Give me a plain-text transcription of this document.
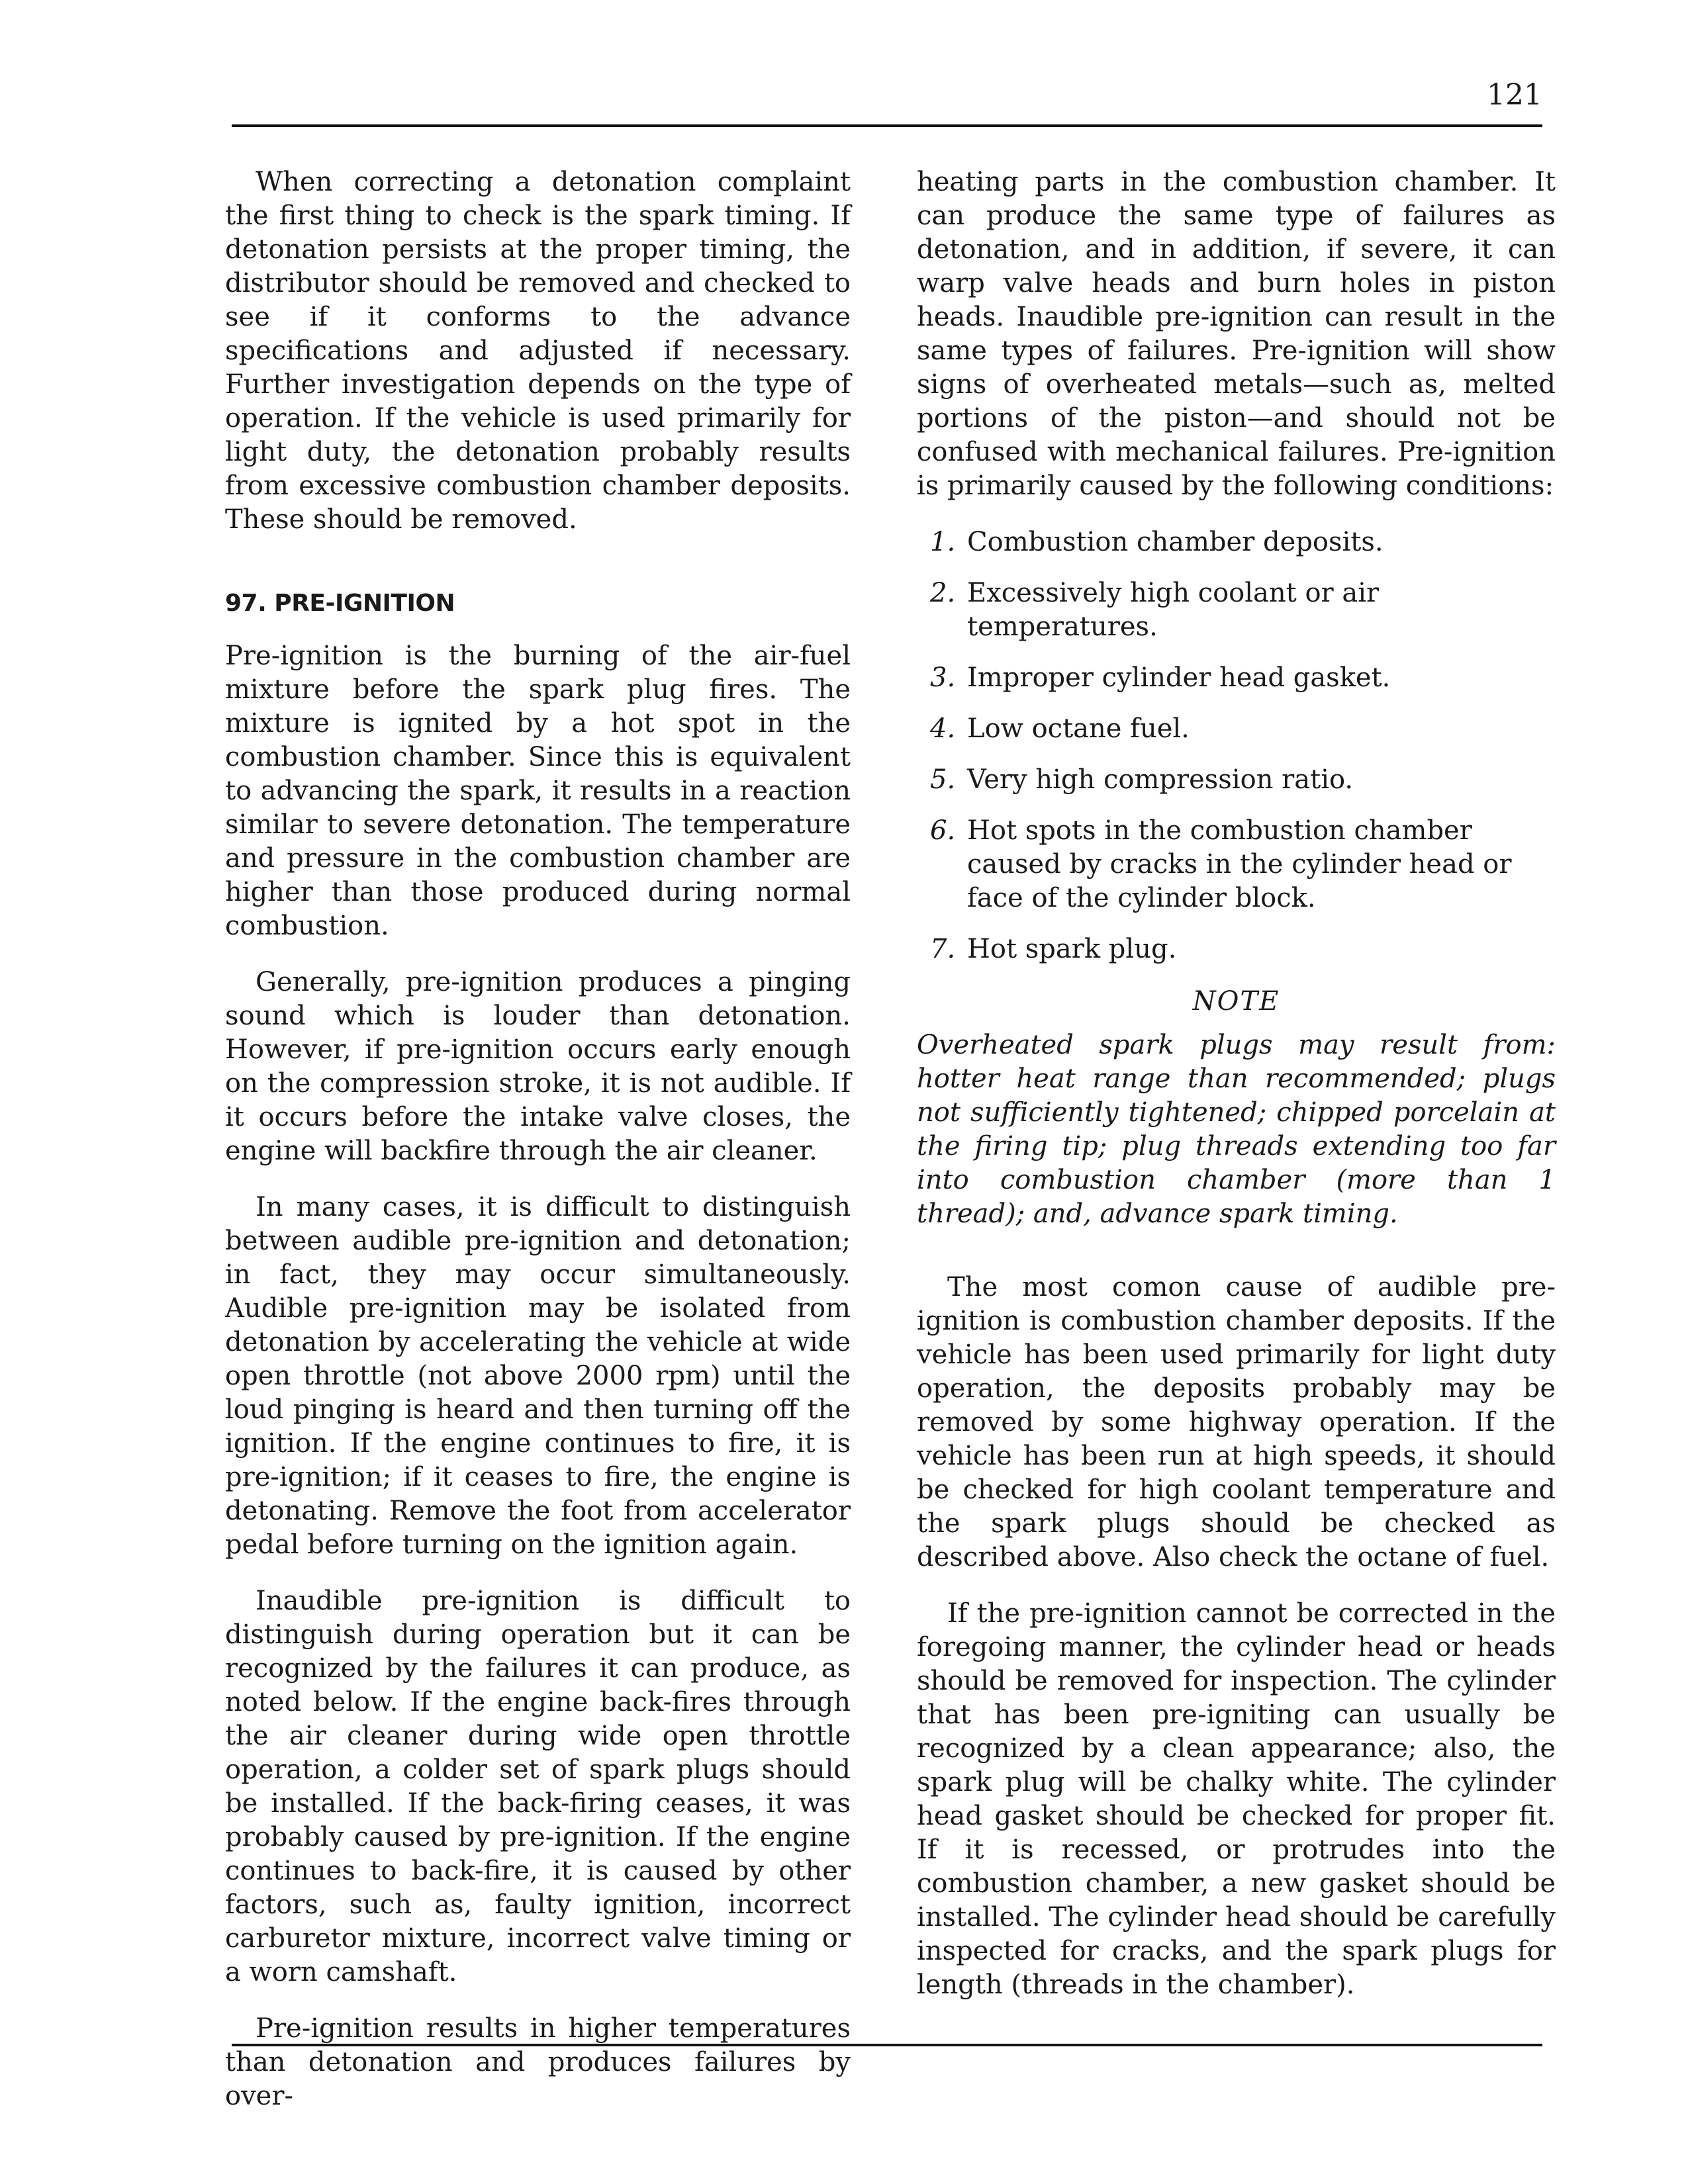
121

When correcting a detonation complaint the first thing to check is the spark timing. If detonation persists at the proper timing, the distributor should be removed and checked to see if it conforms to the advance specifications and adjusted if necessary. Further investigation depends on the type of operation. If the vehicle is used primarily for light duty, the detonation probably results from excessive combustion chamber deposits. These should be removed.

97. PRE-IGNITION

Pre-ignition is the burning of the air-fuel mixture before the spark plug fires. The mixture is ignited by a hot spot in the combustion chamber. Since this is equivalent to advancing the spark, it results in a reaction similar to severe detonation. The temperature and pressure in the combustion chamber are higher than those produced during normal combustion.

Generally, pre-ignition produces a pinging sound which is louder than detonation. However, if pre-ignition occurs early enough on the compression stroke, it is not audible. If it occurs before the intake valve closes, the engine will backfire through the air cleaner.

In many cases, it is difficult to distinguish between audible pre-ignition and detonation; in fact, they may occur simultaneously. Audible pre-ignition may be isolated from detonation by accelerating the vehicle at wide open throttle (not above 2000 rpm) until the loud pinging is heard and then turning off the ignition. If the engine continues to fire, it is pre-ignition; if it ceases to fire, the engine is detonating. Remove the foot from accelerator pedal before turning on the ignition again.

Inaudible pre-ignition is difficult to distinguish during operation but it can be recognized by the failures it can produce, as noted below. If the engine back-fires through the air cleaner during wide open throttle operation, a colder set of spark plugs should be installed. If the back-firing ceases, it was probably caused by pre-ignition. If the engine continues to back-fire, it is caused by other factors, such as, faulty ignition, incorrect carburetor mixture, incorrect valve timing or a worn camshaft.

Pre-ignition results in higher temperatures than detonation and produces failures by over-

heating parts in the combustion chamber. It can produce the same type of failures as detonation, and in addition, if severe, it can warp valve heads and burn holes in piston heads. Inaudible pre-ignition can result in the same types of failures. Pre-ignition will show signs of overheated metals—such as, melted portions of the piston—and should not be confused with mechanical failures. Pre-ignition is primarily caused by the following conditions:

1. Combustion chamber deposits.
2. Excessively high coolant or air temperatures.
3. Improper cylinder head gasket.
4. Low octane fuel.
5. Very high compression ratio.
6. Hot spots in the combustion chamber caused by cracks in the cylinder head or face of the cylinder block.
7. Hot spark plug.
NOTE

Overheated spark plugs may result from: hotter heat range than recommended; plugs not sufficiently tightened; chipped porcelain at the firing tip; plug threads extending too far into combustion chamber (more than 1 thread); and, advance spark timing.

The most comon cause of audible pre-ignition is combustion chamber deposits. If the vehicle has been used primarily for light duty operation, the deposits probably may be removed by some highway operation. If the vehicle has been run at high speeds, it should be checked for high coolant temperature and the spark plugs should be checked as described above. Also check the octane of fuel.

If the pre-ignition cannot be corrected in the foregoing manner, the cylinder head or heads should be removed for inspection. The cylinder that has been pre-igniting can usually be recognized by a clean appearance; also, the spark plug will be chalky white. The cylinder head gasket should be checked for proper fit. If it is recessed, or protrudes into the combustion chamber, a new gasket should be installed. The cylinder head should be carefully inspected for cracks, and the spark plugs for length (threads in the chamber).
